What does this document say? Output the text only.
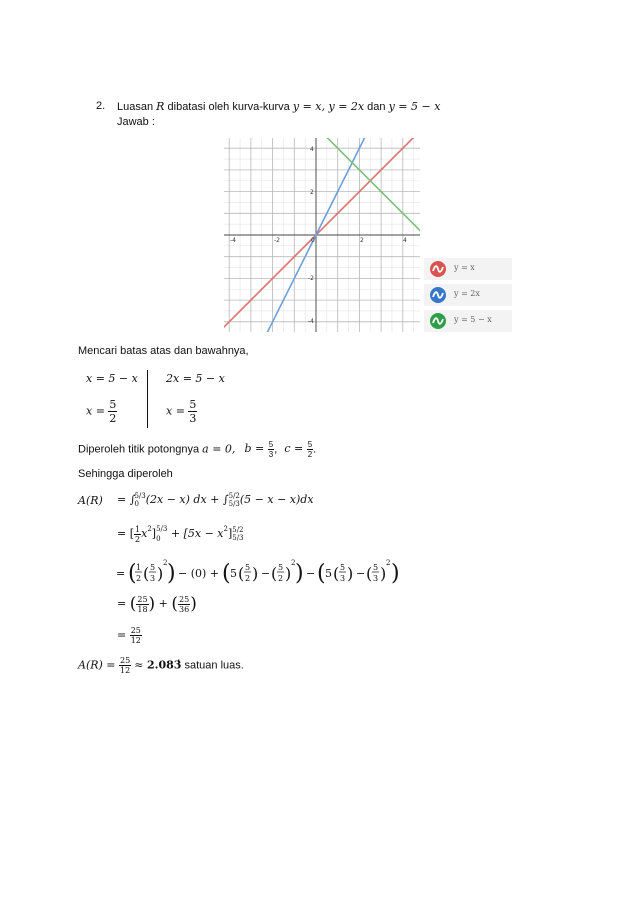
2. Luasan R dibatasi oleh kurva-kurva y = x, y = 2x dan y = 5 − x
Jawab :
-4	-2	0	2	4
4
2
-2
-4
y = x
y = 2x
y = 5 − x
Mencari batas atas dan bawahnya,
x = 5 − x
$x = \frac{5}{2}$
2x = 5 − x
$x = \frac{5}{3}$
Diperoleh titik potongnya a = 0, $b = \frac{5}{3}$ , $c = \frac{5}{2}$ .
Sehingga diperoleh
A(R) = ∫ 5/3
0 (2x − x) dx + ∫ 5/2
5/3 (5 − x − x)dx
= [ $\frac{1}{2} x^2$] 5/3
$0 + [5x - x^2]$ 5/2
5/3
= ( 1
2 ( 5
3 )
2 ) − (0) + ( 5 ( 5
2 ) − ( 5
2 )
2 ) − ( 5 ( 5
3 ) − ( 5
3 )
2 )
= ( $\frac{25}{18}$ ) + ( $\frac{25}{36}$ )
= $\frac{25}{12}$
$A(R) = \frac{25}{12}$ ≈ 2.083̇ satuan luas.
